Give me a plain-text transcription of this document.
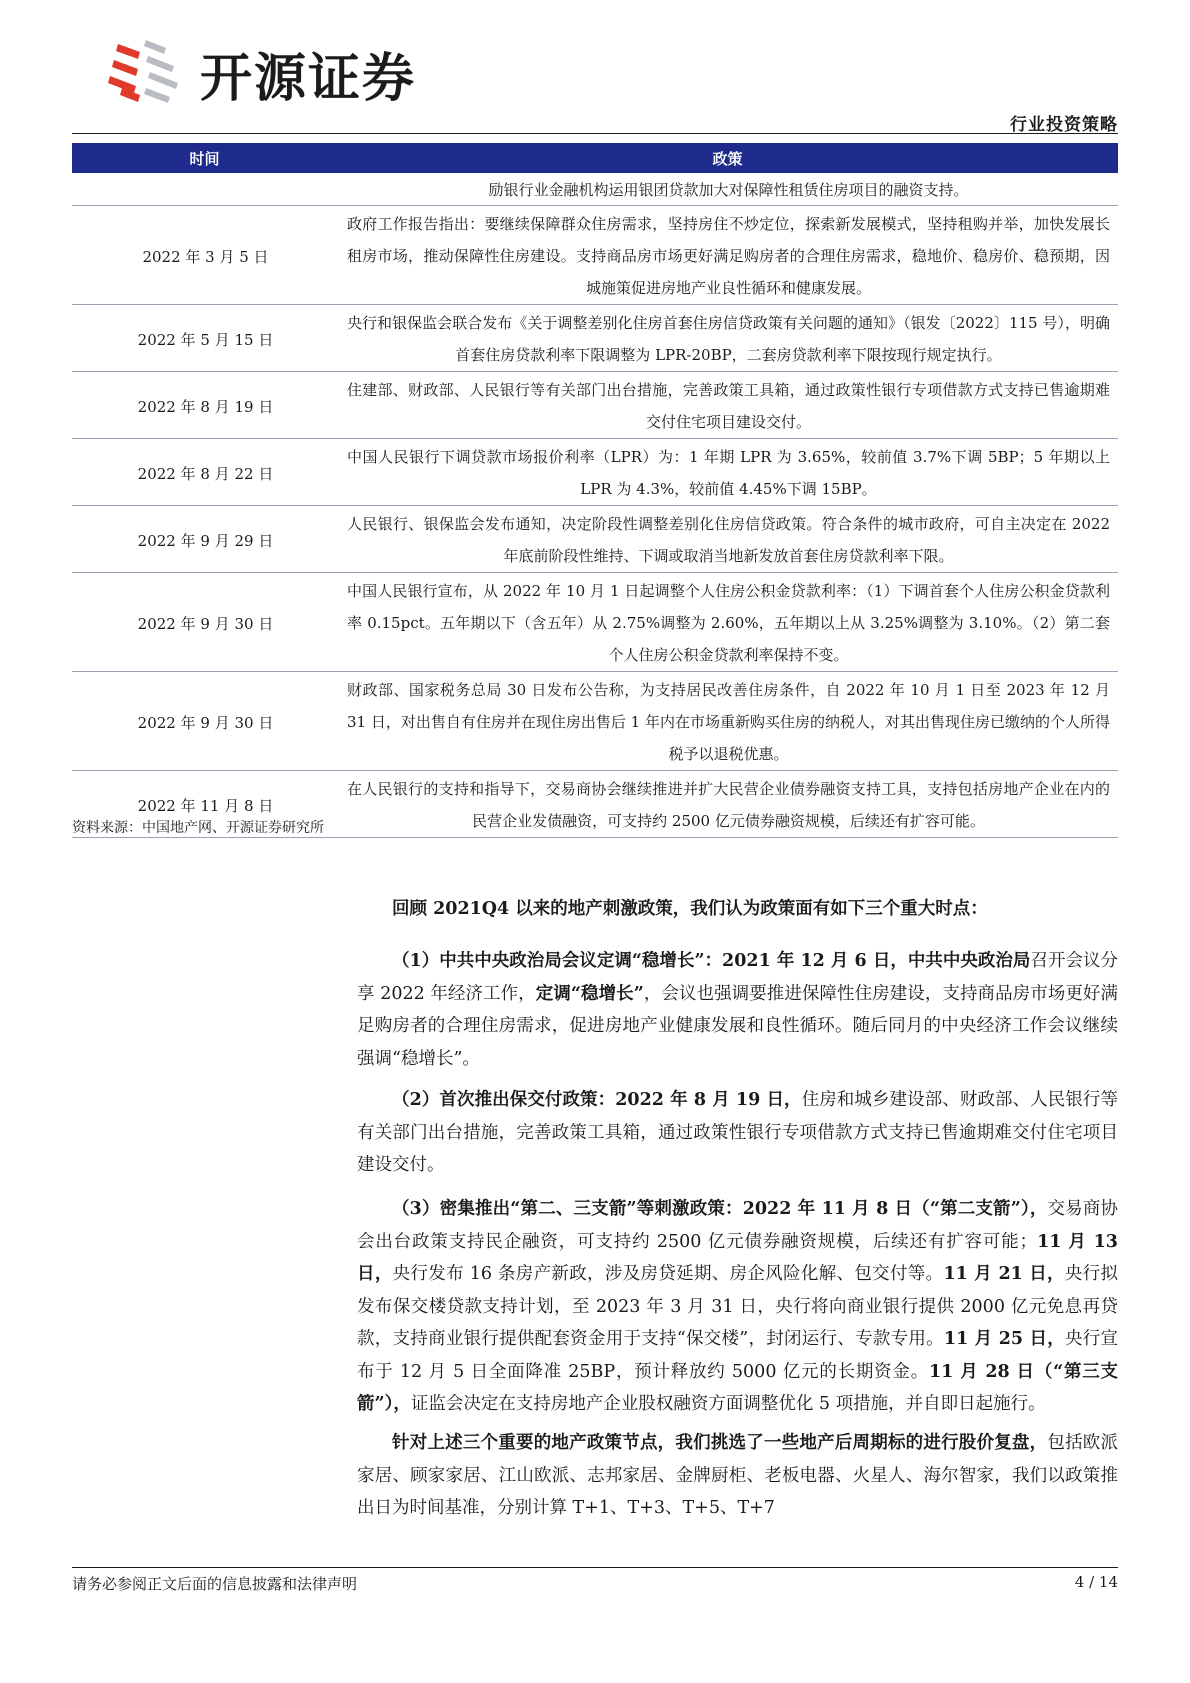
开源证券
行业投资策略
时间	政策
	励银行业金融机构运用银团贷款加大对保障性租赁住房项目的融资支持。
2022 年 3 月 5 日	政府工作报告指出：要继续保障群众住房需求，坚持房住不炒定位，探索新发展模式，坚持租购并举，加快发展长租房市场，推动保障性住房建设。支持商品房市场更好满足购房者的合理住房需求，稳地价、稳房价、稳预期，因城施策促进房地产业良性循环和健康发展。
2022 年 5 月 15 日	央行和银保监会联合发布《关于调整差别化住房首套住房信贷政策有关问题的通知》（银发〔2022〕115 号），明确首套住房贷款利率下限调整为 LPR-20BP，二套房贷款利率下限按现行规定执行。
2022 年 8 月 19 日	住建部、财政部、人民银行等有关部门出台措施，完善政策工具箱，通过政策性银行专项借款方式支持已售逾期难交付住宅项目建设交付。
2022 年 8 月 22 日	中国人民银行下调贷款市场报价利率（LPR）为：1 年期 LPR 为 3.65%，较前值 3.7%下调 5BP；5 年期以上 LPR 为 4.3%，较前值 4.45%下调 15BP。
2022 年 9 月 29 日	人民银行、银保监会发布通知，决定阶段性调整差别化住房信贷政策。符合条件的城市政府，可自主决定在 2022 年底前阶段性维持、下调或取消当地新发放首套住房贷款利率下限。
2022 年 9 月 30 日	中国人民银行宣布，从 2022 年 10 月 1 日起调整个人住房公积金贷款利率：（1）下调首套个人住房公积金贷款利率 0.15pct。五年期以下（含五年）从 2.75%调整为 2.60%，五年期以上从 3.25%调整为 3.10%。（2）第二套个人住房公积金贷款利率保持不变。
2022 年 9 月 30 日	财政部、国家税务总局 30 日发布公告称，为支持居民改善住房条件，自 2022 年 10 月 1 日至 2023 年 12 月 31 日，对出售自有住房并在现住房出售后 1 年内在市场重新购买住房的纳税人，对其出售现住房已缴纳的个人所得税予以退税优惠。
2022 年 11 月 8 日	在人民银行的支持和指导下，交易商协会继续推进并扩大民营企业债券融资支持工具，支持包括房地产企业在内的民营企业发债融资，可支持约 2500 亿元债券融资规模，后续还有扩容可能。
资料来源：中国地产网、开源证券研究所

回顾 2021Q4 以来的地产刺激政策，我们认为政策面有如下三个重大时点：

（1）中共中央政治局会议定调“稳增长”：2021 年 12 月 6 日，中共中央政治局召开会议分享 2022 年经济工作，定调“稳增长”，会议也强调要推进保障性住房建设，支持商品房市场更好满足购房者的合理住房需求，促进房地产业健康发展和良性循环。随后同月的中央经济工作会议继续强调“稳增长”。

（2）首次推出保交付政策：2022 年 8 月 19 日，住房和城乡建设部、财政部、人民银行等有关部门出台措施，完善政策工具箱，通过政策性银行专项借款方式支持已售逾期难交付住宅项目建设交付。

（3）密集推出“第二、三支箭”等刺激政策：2022 年 11 月 8 日（“第二支箭”），交易商协会出台政策支持民企融资，可支持约 2500 亿元债券融资规模，后续还有扩容可能；11 月 13 日，央行发布 16 条房产新政，涉及房贷延期、房企风险化解、包交付等。11 月 21 日，央行拟发布保交楼贷款支持计划，至 2023 年 3 月 31 日，央行将向商业银行提供 2000 亿元免息再贷款，支持商业银行提供配套资金用于支持“保交楼”，封闭运行、专款专用。11 月 25 日，央行宣布于 12 月 5 日全面降准 25BP，预计释放约 5000 亿元的长期资金。11 月 28 日（“第三支箭”），证监会决定在支持房地产企业股权融资方面调整优化 5 项措施，并自即日起施行。

针对上述三个重要的地产政策节点，我们挑选了一些地产后周期标的进行股价复盘，包括欧派家居、顾家家居、江山欧派、志邦家居、金牌厨柜、老板电器、火星人、海尔智家，我们以政策推出日为时间基准，分别计算 T+1、T+3、T+5、T+7

请务必参阅正文后面的信息披露和法律声明	4 / 14
